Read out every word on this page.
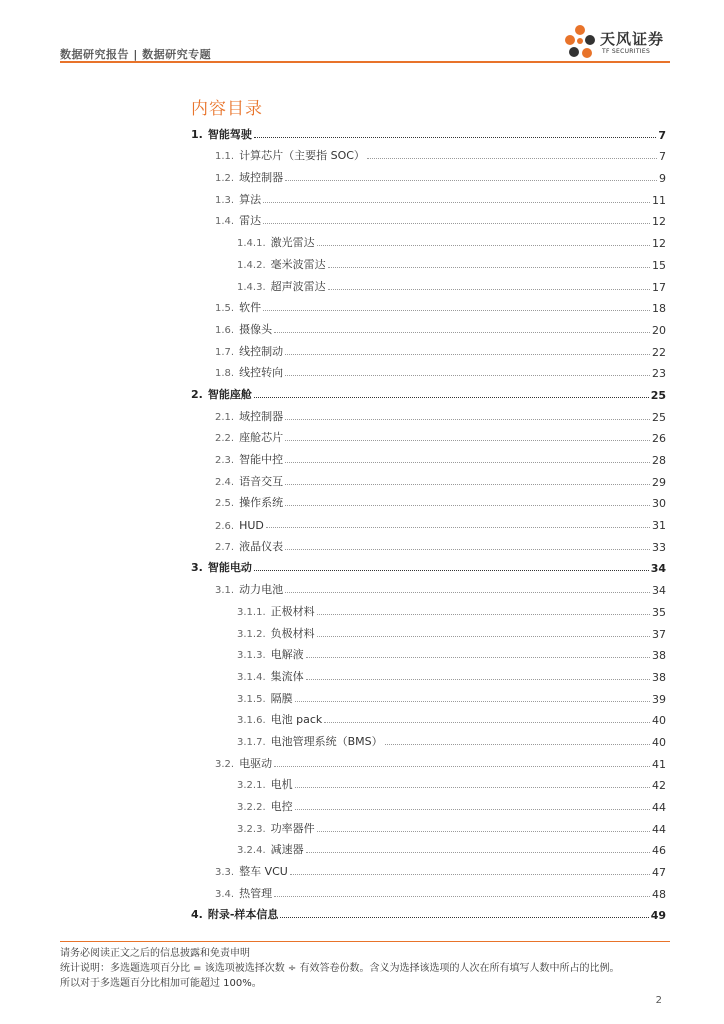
数据研究报告 | 数据研究专题
天风证券
TF SECURITIES
内容目录
1. 智能驾驶	7
1.1. 计算芯片（主要指 SOC）	7
1.2. 域控制器	9
1.3. 算法	11
1.4. 雷达	12
1.4.1. 激光雷达	12
1.4.2. 毫米波雷达	15
1.4.3. 超声波雷达	17
1.5. 软件	18
1.6. 摄像头	20
1.7. 线控制动	22
1.8. 线控转向	23
2. 智能座舱	25
2.1. 域控制器	25
2.2. 座舱芯片	26
2.3. 智能中控	28
2.4. 语音交互	29
2.5. 操作系统	30
2.6. HUD	31
2.7. 液晶仪表	33
3. 智能电动	34
3.1. 动力电池	34
3.1.1. 正极材料	35
3.1.2. 负极材料	37
3.1.3. 电解液	38
3.1.4. 集流体	38
3.1.5. 隔膜	39
3.1.6. 电池 pack	40
3.1.7. 电池管理系统（BMS）	40
3.2. 电驱动	41
3.2.1. 电机	42
3.2.2. 电控	44
3.2.3. 功率器件	44
3.2.4. 减速器	46
3.3. 整车 VCU	47
3.4. 热管理	48
4. 附录-样本信息	49
请务必阅读正文之后的信息披露和免责申明
统计说明：多选题选项百分比 = 该选项被选择次数 ÷ 有效答卷份数。含义为选择该选项的人次在所有填写人数中所占的比例。
所以对于多选题百分比相加可能超过 100%。
2
